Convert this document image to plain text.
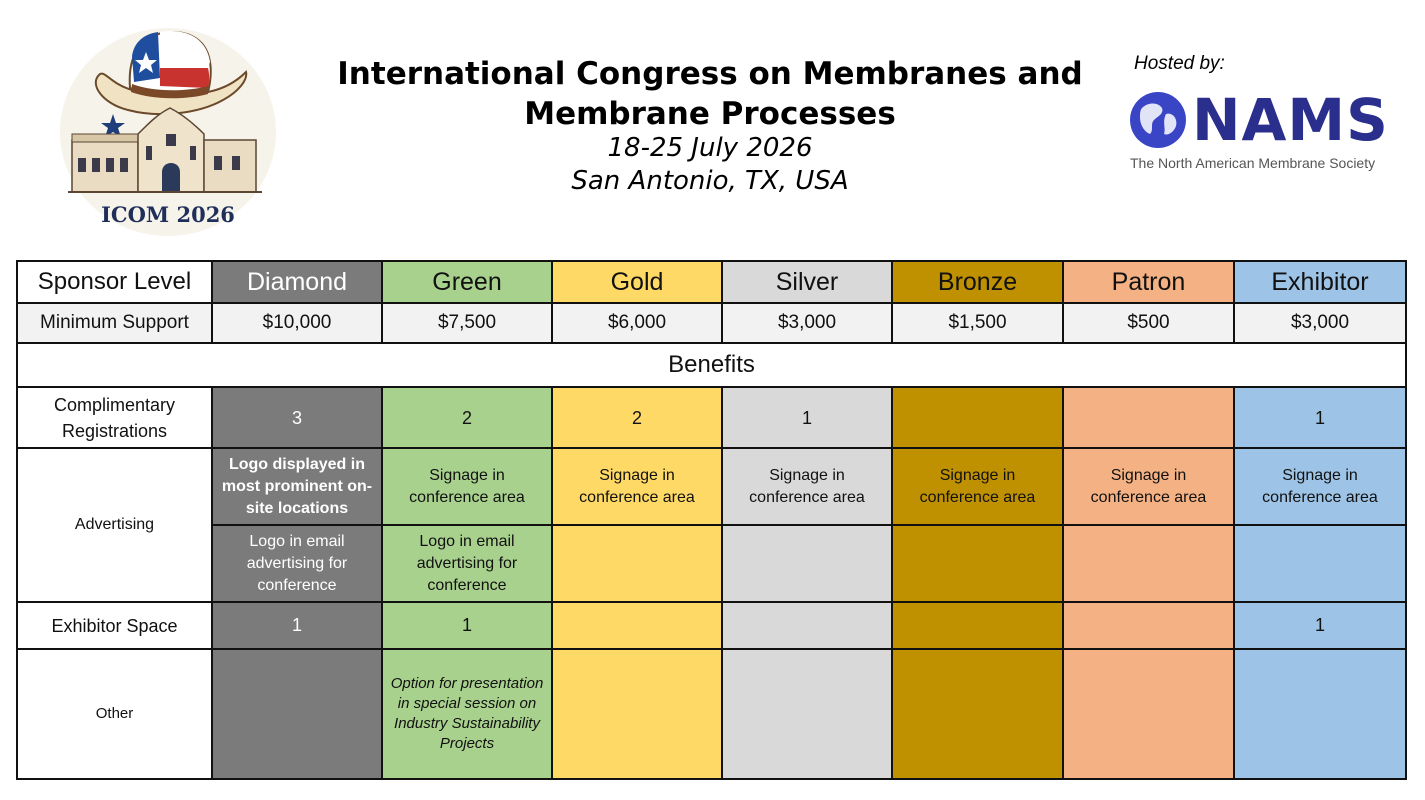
ICOM 2026
International Congress on Membranes and Membrane Processes
18-25 July 2026
San Antonio, TX, USA
Hosted by:
NAMS
The North American Membrane Society
Sponsor Level	Diamond	Green	Gold	Silver	Bronze	Patron	Exhibitor
Minimum Support	$10,000	$7,500	$6,000	$3,000	$1,500	$500	$3,000
Benefits							
Complimentary Registrations	3	2	2	1			1
Advertising	Logo displayed in most prominent on-site locations	Signage in conference area	Signage in conference area	Signage in conference area	Signage in conference area	Signage in conference area	Signage in conference area
	Logo in email advertising for conference	Logo in email advertising for conference					
Exhibitor Space	1	1					1
Other		Option for presentation in special session on Industry Sustainability Projects					
